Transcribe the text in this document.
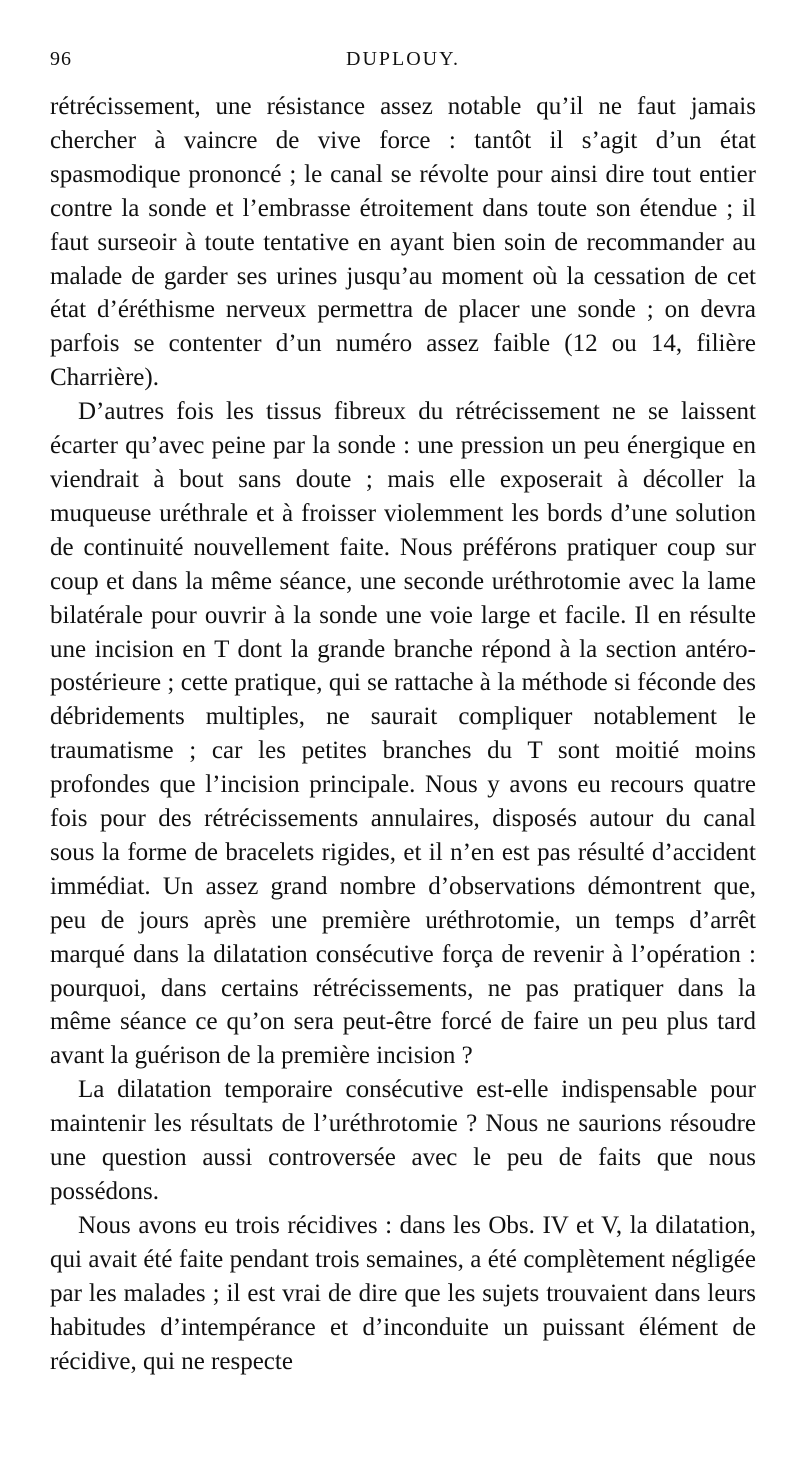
96	DUPLOUY.

rétrécissement, une résistance assez notable qu’il ne faut jamais chercher à vaincre de vive force : tantôt il s’agit d’un état spasmodique prononcé ; le canal se révolte pour ainsi dire tout entier contre la sonde et l’embrasse étroitement dans toute son étendue ; il faut surseoir à toute tentative en ayant bien soin de recommander au malade de garder ses urines jusqu’au moment où la cessation de cet état d’éréthisme nerveux permettra de placer une sonde ; on devra parfois se contenter d’un numéro assez faible (12 ou 14, filière Charrière).

D’autres fois les tissus fibreux du rétrécissement ne se laissent écarter qu’avec peine par la sonde : une pression un peu énergique en viendrait à bout sans doute ; mais elle exposerait à décoller la muqueuse uréthrale et à froisser violemment les bords d’une solution de continuité nouvellement faite. Nous préférons pratiquer coup sur coup et dans la même séance, une seconde uréthrotomie avec la lame bilatérale pour ouvrir à la sonde une voie large et facile. Il en résulte une incision en T dont la grande branche répond à la section antéro-postérieure ; cette pratique, qui se rattache à la méthode si féconde des débridements multiples, ne saurait compliquer notablement le traumatisme ; car les petites branches du T sont moitié moins profondes que l’incision principale. Nous y avons eu recours quatre fois pour des rétrécissements annulaires, disposés autour du canal sous la forme de bracelets rigides, et il n’en est pas résulté d’accident immédiat. Un assez grand nombre d’observations démontrent que, peu de jours après une première uréthrotomie, un temps d’arrêt marqué dans la dilatation consécutive força de revenir à l’opération : pourquoi, dans certains rétrécissements, ne pas pratiquer dans la même séance ce qu’on sera peut-être forcé de faire un peu plus tard avant la guérison de la première incision ?

La dilatation temporaire consécutive est-elle indispensable pour maintenir les résultats de l’uréthrotomie ? Nous ne saurions résoudre une question aussi controversée avec le peu de faits que nous possédons.

Nous avons eu trois récidives : dans les Obs. IV et V, la dilatation, qui avait été faite pendant trois semaines, a été complètement négligée par les malades ; il est vrai de dire que les sujets trouvaient dans leurs habitudes d’intempérance et d’inconduite un puissant élément de récidive, qui ne respecte
